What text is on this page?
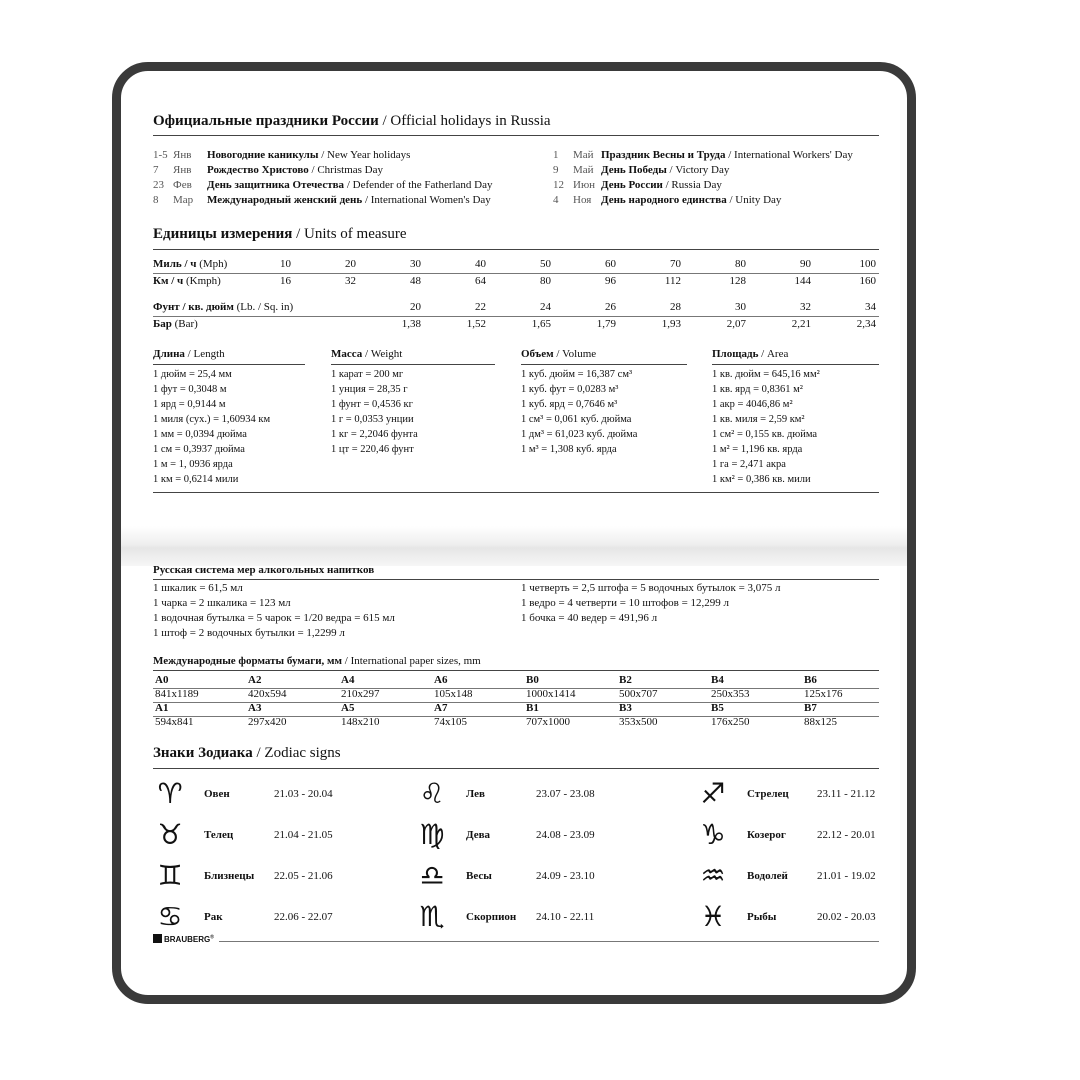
Официальные праздники России / Official holidays in Russia
1-5 Янв Новогодние каникулы / New Year holidays
7 Янв Рождество Христово / Christmas Day
23 Фев День защитника Отечества / Defender of the Fatherland Day
8 Мар Международный женский день / International Women's Day
1 Май Праздник Весны и Труда / International Workers' Day
9 Май День Победы / Victory Day
12 Июн День России / Russia Day
4 Ноя День народного единства / Unity Day
Единицы измерения / Units of measure
Миль / ч (Mph)	10	20	30	40	50	60	70	80	90	100
Км / ч (Kmph)	16	32	48	64	80	96	112	128	144	160
Фунт / кв. дюйм (Lb. / Sq. in)	20	22	24	26	28	30	32	34
Бар (Bar)	1,38	1,52	1,65	1,79	1,93	2,07	2,21	2,34
Длина / Length
1 дюйм = 25,4 мм
1 фут = 0,3048 м
1 ярд = 0,9144 м
1 миля (сух.) = 1,60934 км
1 мм = 0,0394 дюйма
1 см = 0,3937 дюйма
1 м = 1, 0936 ярда
1 км = 0,6214 мили
Масса / Weight
1 карат = 200 мг
1 унция = 28,35 г
1 фунт = 0,4536 кг
1 г = 0,0353 унции
1 кг = 2,2046 фунта
1 цт = 220,46 фунт
Объем / Volume
1 куб. дюйм = 16,387 см³
1 куб. фут = 0,0283 м³
1 куб. ярд = 0,7646 м³
1 см³ = 0,061 куб. дюйма
1 дм³ = 61,023 куб. дюйма
1 м³ = 1,308 куб. ярда
Площадь / Area
1 кв. дюйм = 645,16 мм²
1 кв. ярд = 0,8361 м²
1 акр = 4046,86 м²
1 кв. миля = 2,59 км²
1 см² = 0,155 кв. дюйма
1 м² = 1,196 кв. ярда
1 га = 2,471 акра
1 км² = 0,386 кв. мили
Русская система мер алкогольных напитков
1 шкалик = 61,5 мл
1 чарка = 2 шкалика = 123 мл
1 водочная бутылка = 5 чарок = 1/20 ведра = 615 мл
1 штоф = 2 водочных бутылки = 1,2299 л
1 четверть = 2,5 штофа = 5 водочных бутылок = 3,075 л
1 ведро = 4 четверти = 10 штофов = 12,299 л
1 бочка = 40 ведер = 491,96 л
Международные форматы бумаги, мм / International paper sizes, mm
A0	A2	A4	A6	B0	B2	B4	B6
841x1189	420x594	210x297	105x148	1000x1414	500x707	250x353	125x176
A1	A3	A5	A7	B1	B3	B5	B7
594x841	297x420	148x210	74x105	707x1000	353x500	176x250	88x125
Знаки Зодиака / Zodiac signs
♈	Овен	21.03 - 20.04
♉	Телец	21.04 - 21.05
♊	Близнецы 22.05 - 21.06
♋	Рак	22.06 - 22.07
♌	Лев	23.07 - 23.08
♍	Дева	24.08 - 23.09
♎	Весы	24.09 - 23.10
♏	Скорпион 24.10 - 22.11
♐	Стрелец	23.11 - 21.12
♑	Козерог	22.12 - 20.01
♒	Водолей	21.01 - 19.02
♓	Рыбы	20.02 - 20.03
BRAUBERG®
